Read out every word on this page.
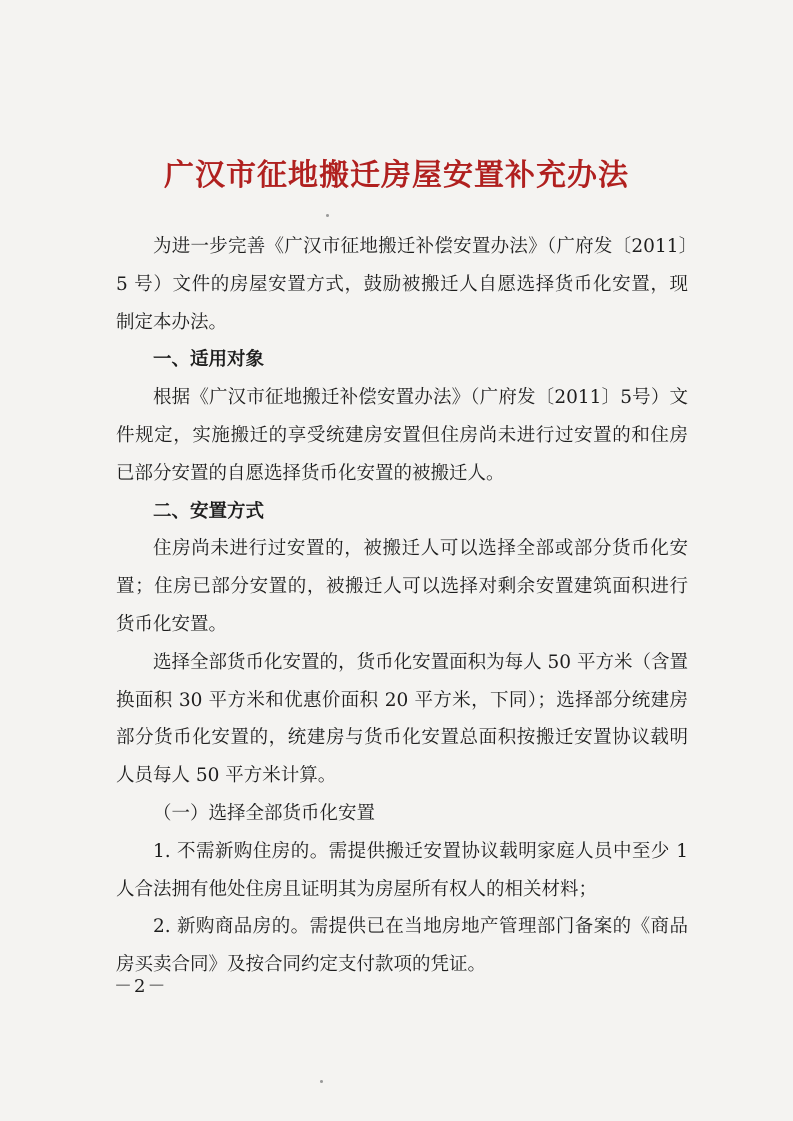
广汉市征地搬迁房屋安置补充办法

为进一步完善《广汉市征地搬迁补偿安置办法》（广府发〔2011〕5 号）文件的房屋安置方式，鼓励被搬迁人自愿选择货币化安置，现制定本办法。

一、适用对象

根据《广汉市征地搬迁补偿安置办法》（广府发〔2011〕5号）文件规定，实施搬迁的享受统建房安置但住房尚未进行过安置的和住房已部分安置的自愿选择货币化安置的被搬迁人。

二、安置方式

住房尚未进行过安置的，被搬迁人可以选择全部或部分货币化安置；住房已部分安置的，被搬迁人可以选择对剩余安置建筑面积进行货币化安置。

选择全部货币化安置的，货币化安置面积为每人 50 平方米（含置换面积 30 平方米和优惠价面积 20 平方米，下同）；选择部分统建房部分货币化安置的，统建房与货币化安置总面积按搬迁安置协议载明人员每人 50 平方米计算。

（一）选择全部货币化安置

1. 不需新购住房的。需提供搬迁安置协议载明家庭人员中至少 1 人合法拥有他处住房且证明其为房屋所有权人的相关材料；

2. 新购商品房的。需提供已在当地房地产管理部门备案的《商品房买卖合同》及按合同约定支付款项的凭证。

－2－
